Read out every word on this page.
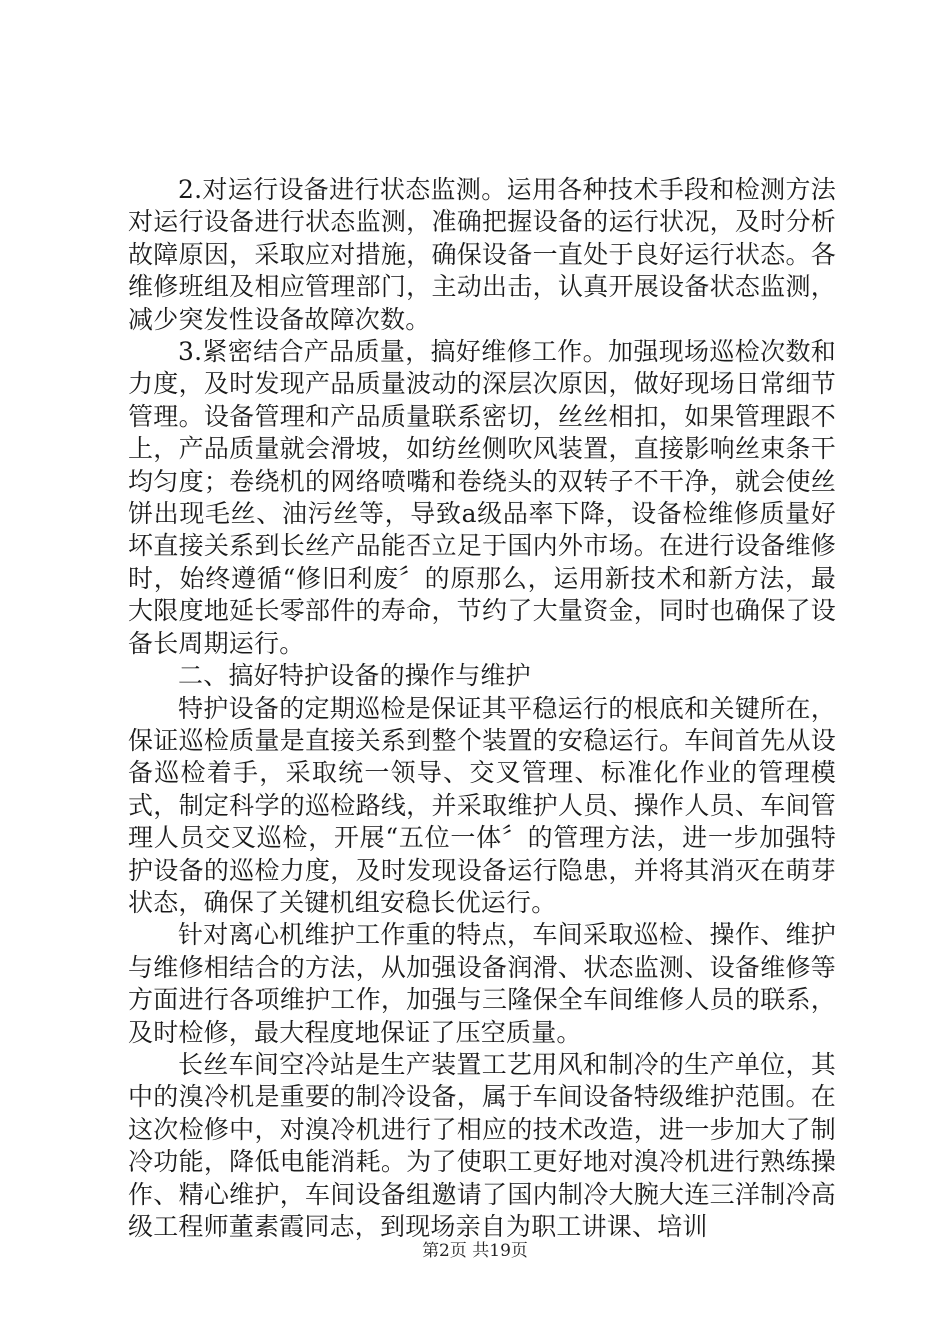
2.对运行设备进行状态监测。运用各种技术手段和检测方法对运行设备进行状态监测，准确把握设备的运行状况，及时分析故障原因，采取应对措施，确保设备一直处于良好运行状态。各维修班组及相应管理部门，主动出击，认真开展设备状态监测，减少突发性设备故障次数。

3.紧密结合产品质量，搞好维修工作。加强现场巡检次数和力度，及时发现产品质量波动的深层次原因，做好现场日常细节管理。设备管理和产品质量联系密切，丝丝相扣，如果管理跟不上，产品质量就会滑坡，如纺丝侧吹风装置，直接影响丝束条干均匀度；卷绕机的网络喷嘴和卷绕头的双转子不干净，就会使丝饼出现毛丝、油污丝等，导致a级品率下降，设备检维修质量好坏直接关系到长丝产品能否立足于国内外市场。在进行设备维修时，始终遵循“修旧利废〞的原那么，运用新技术和新方法，最大限度地延长零部件的寿命，节约了大量资金，同时也确保了设备长周期运行。

二、搞好特护设备的操作与维护

特护设备的定期巡检是保证其平稳运行的根底和关键所在，保证巡检质量是直接关系到整个装置的安稳运行。车间首先从设备巡检着手，采取统一领导、交叉管理、标准化作业的管理模式，制定科学的巡检路线，并采取维护人员、操作人员、车间管理人员交叉巡检，开展“五位一体〞的管理方法，进一步加强特护设备的巡检力度，及时发现设备运行隐患，并将其消灭在萌芽状态，确保了关键机组安稳长优运行。

针对离心机维护工作重的特点，车间采取巡检、操作、维护与维修相结合的方法，从加强设备润滑、状态监测、设备维修等方面进行各项维护工作，加强与三隆保全车间维修人员的联系，及时检修，最大程度地保证了压空质量。

长丝车间空冷站是生产装置工艺用风和制冷的生产单位，其中的溴冷机是重要的制冷设备，属于车间设备特级维护范围。在这次检修中，对溴冷机进行了相应的技术改造，进一步加大了制冷功能，降低电能消耗。为了使职工更好地对溴冷机进行熟练操作、精心维护，车间设备组邀请了国内制冷大腕大连三洋制冷高级工程师董素霞同志，到现场亲自为职工讲课、培训

第2页 共19页
